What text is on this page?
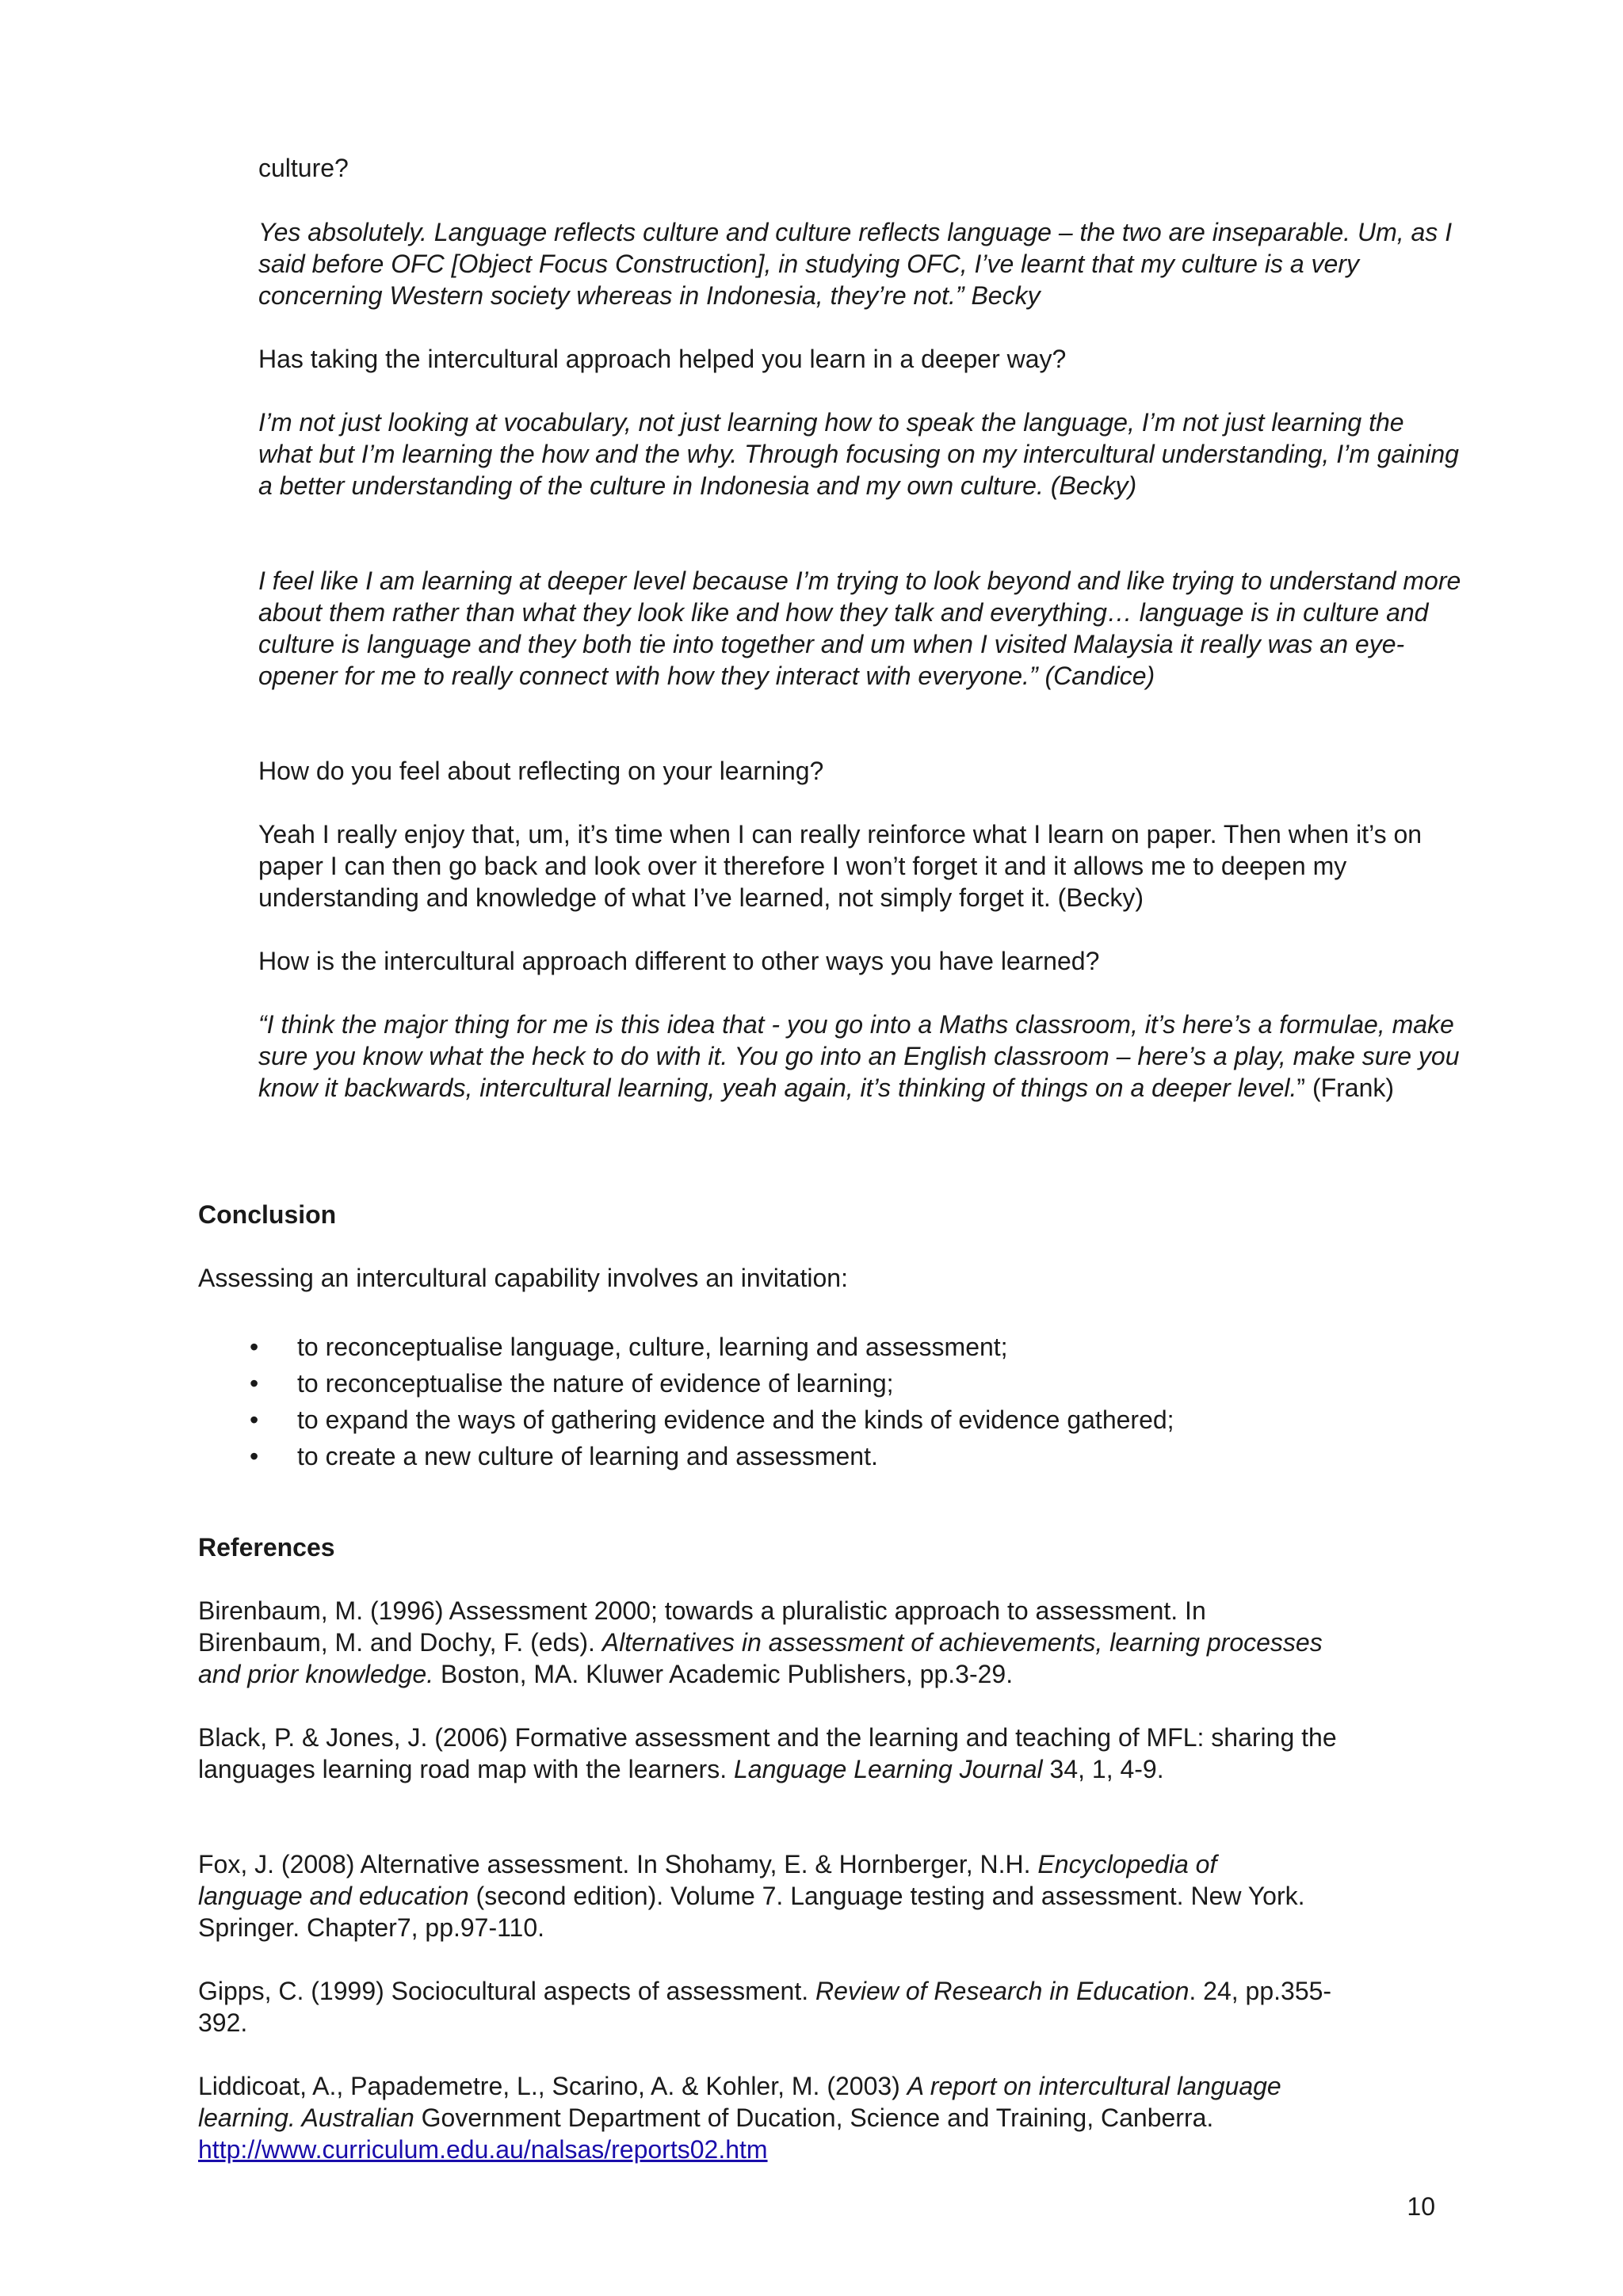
culture?

Yes absolutely. Language reflects culture and culture reflects language – the two are inseparable. Um, as I said before OFC [Object Focus Construction], in studying OFC, I’ve learnt that my culture is a very concerning Western society whereas in Indonesia, they’re not.” Becky

Has taking the intercultural approach helped you learn in a deeper way?

I’m not just looking at vocabulary, not just learning how to speak the language, I’m not just learning the what but I’m learning the how and the why. Through focusing on my intercultural understanding, I’m gaining a better understanding of the culture in Indonesia and my own culture. (Becky)

I feel like I am learning at deeper level because I’m trying to look beyond and like trying to understand more about them rather than what they look like and how they talk and everything… language is in culture and culture is language and they both tie into together and um when I visited Malaysia it really was an eye-opener for me to really connect with how they interact with everyone.” (Candice)

How do you feel about reflecting on your learning?

Yeah I really enjoy that, um, it’s time when I can really reinforce what I learn on paper. Then when it’s on paper I can then go back and look over it therefore I won’t forget it and it allows me to deepen my understanding and knowledge of what I’ve learned, not simply forget it. (Becky)

How is the intercultural approach different to other ways you have learned?

“I think the major thing for me is this idea that - you go into a Maths classroom, it’s here’s a formulae, make sure you know what the heck to do with it. You go into an English classroom – here’s a play, make sure you know it backwards, intercultural learning, yeah again, it’s thinking of things on a deeper level.” (Frank)

Conclusion

Assessing an intercultural capability involves an invitation:

• to reconceptualise language, culture, learning and assessment;
• to reconceptualise the nature of evidence of learning;
• to expand the ways of gathering evidence and the kinds of evidence gathered;
• to create a new culture of learning and assessment.

References

Birenbaum, M. (1996) Assessment 2000; towards a pluralistic approach to assessment. In Birenbaum, M. and Dochy, F. (eds). Alternatives in assessment of achievements, learning processes and prior knowledge. Boston, MA. Kluwer Academic Publishers, pp.3-29.

Black, P. & Jones, J. (2006) Formative assessment and the learning and teaching of MFL: sharing the languages learning road map with the learners. Language Learning Journal 34, 1, 4-9.

Fox, J. (2008) Alternative assessment. In Shohamy, E. & Hornberger, N.H. Encyclopedia of language and education (second edition). Volume 7. Language testing and assessment. New York. Springer. Chapter7, pp.97-110.

Gipps, C. (1999) Sociocultural aspects of assessment. Review of Research in Education. 24, pp.355-392.

Liddicoat, A., Papademetre, L., Scarino, A. & Kohler, M. (2003) A report on intercultural language learning. Australian Government Department of Ducation, Science and Training, Canberra. http://www.curriculum.edu.au/nalsas/reports02.htm

10
